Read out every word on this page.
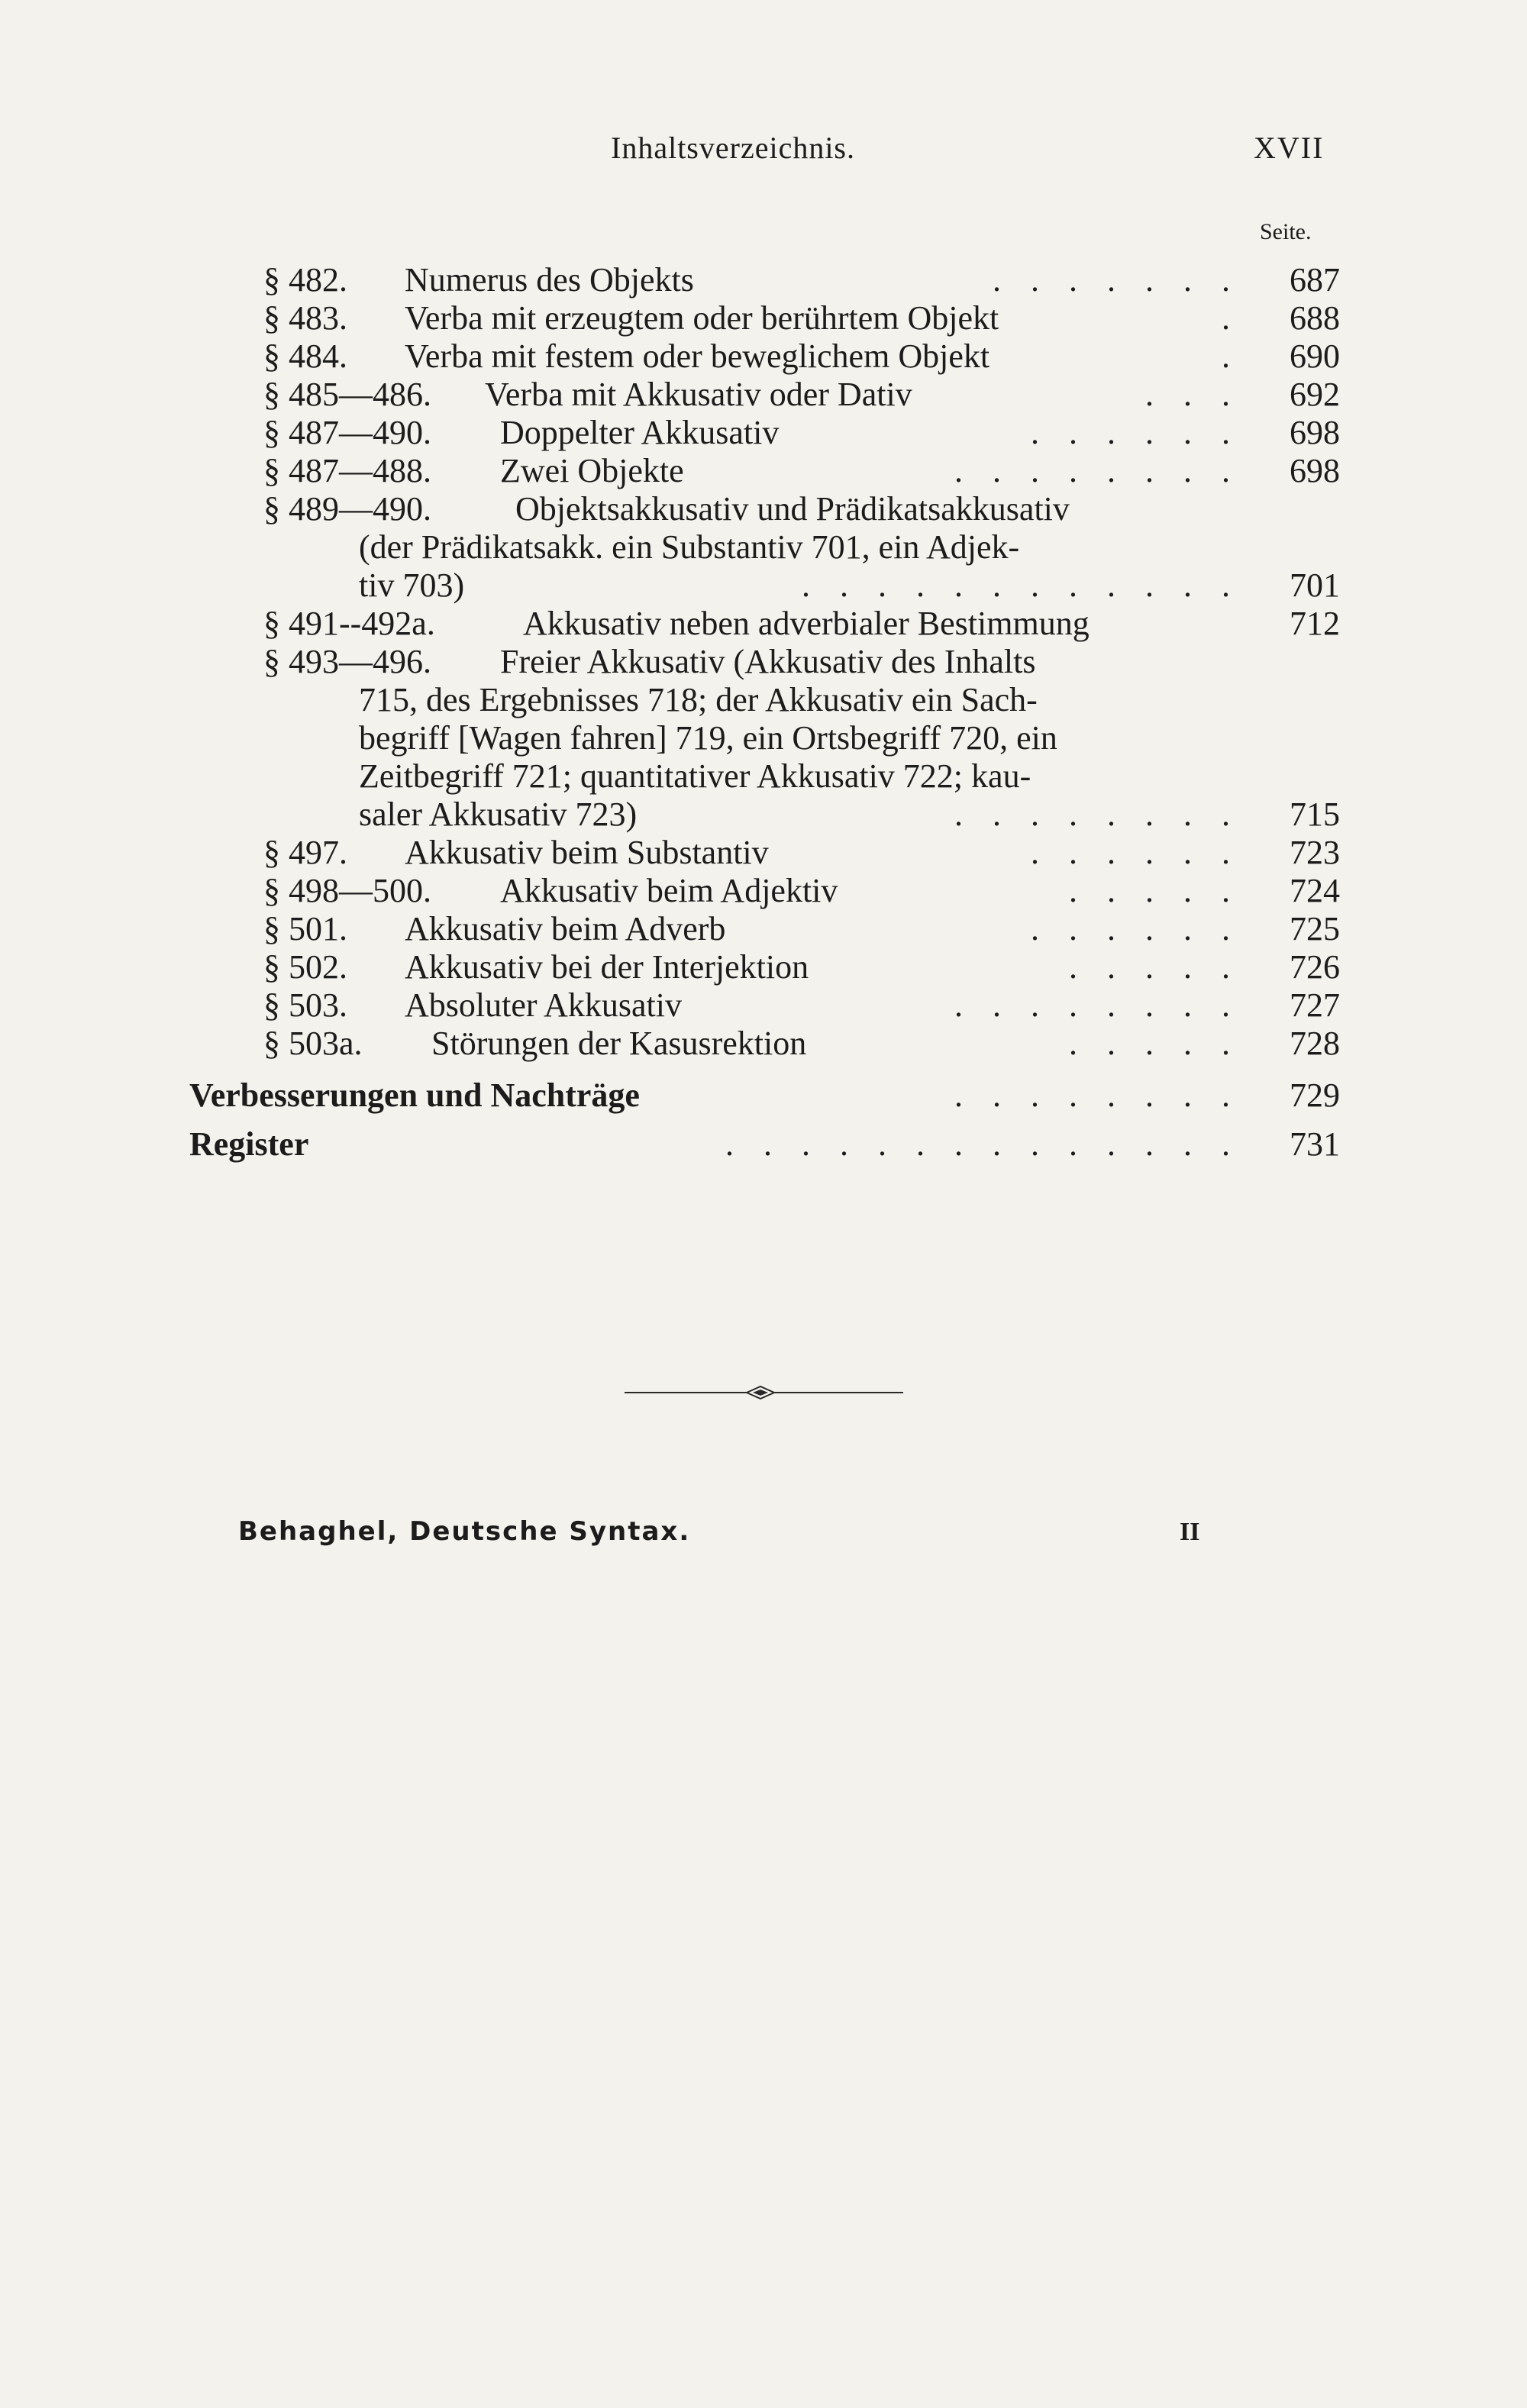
Inhaltsverzeichnis.	XVII
Seite.
§ 482. Numerus des Objekts	. . . . . . .	687
§ 483. Verba mit erzeugtem oder berührtem Objekt	.	688
§ 484. Verba mit festem oder beweglichem Objekt	.	690
§ 485—486. Verba mit Akkusativ oder Dativ	. . .	692
§ 487—490. Doppelter Akkusativ	. . . . . .	698
§ 487—488. Zwei Objekte	. . . . . . . .	698
§ 489—490.	Objektsakkusativ und Prädikatsakkusativ
(der Prädikatsakk. ein Substantiv 701, ein Adjek-
tiv 703)	. . . . . . . . . . . .	701
§ 491--492a.	Akkusativ neben adverbialer Bestimmung	712
§ 493—496. Freier Akkusativ (Akkusativ des Inhalts
715, des Ergebnisses 718; der Akkusativ ein Sach-
begriff [Wagen fahren] 719, ein Ortsbegriff 720, ein
Zeitbegriff 721; quantitativer Akkusativ 722; kau-
saler Akkusativ 723)	. . . . . . . .	715
§ 497. Akkusativ beim Substantiv	. . . . . .	723
§ 498—500. Akkusativ beim Adjektiv	. . . . .	724
§ 501. Akkusativ beim Adverb	. . . . . .	725
§ 502. Akkusativ bei der Interjektion	. . . . .	726
§ 503. Absoluter Akkusativ	. . . . . . . .	727
§ 503a. Störungen der Kasusrektion	. . . . .	728
Verbesserungen und Nachträge	. . . . . . . .	729
Register	. . . . . . . . . . . . . .	731
Behaghel, Deutsche Syntax.	II
